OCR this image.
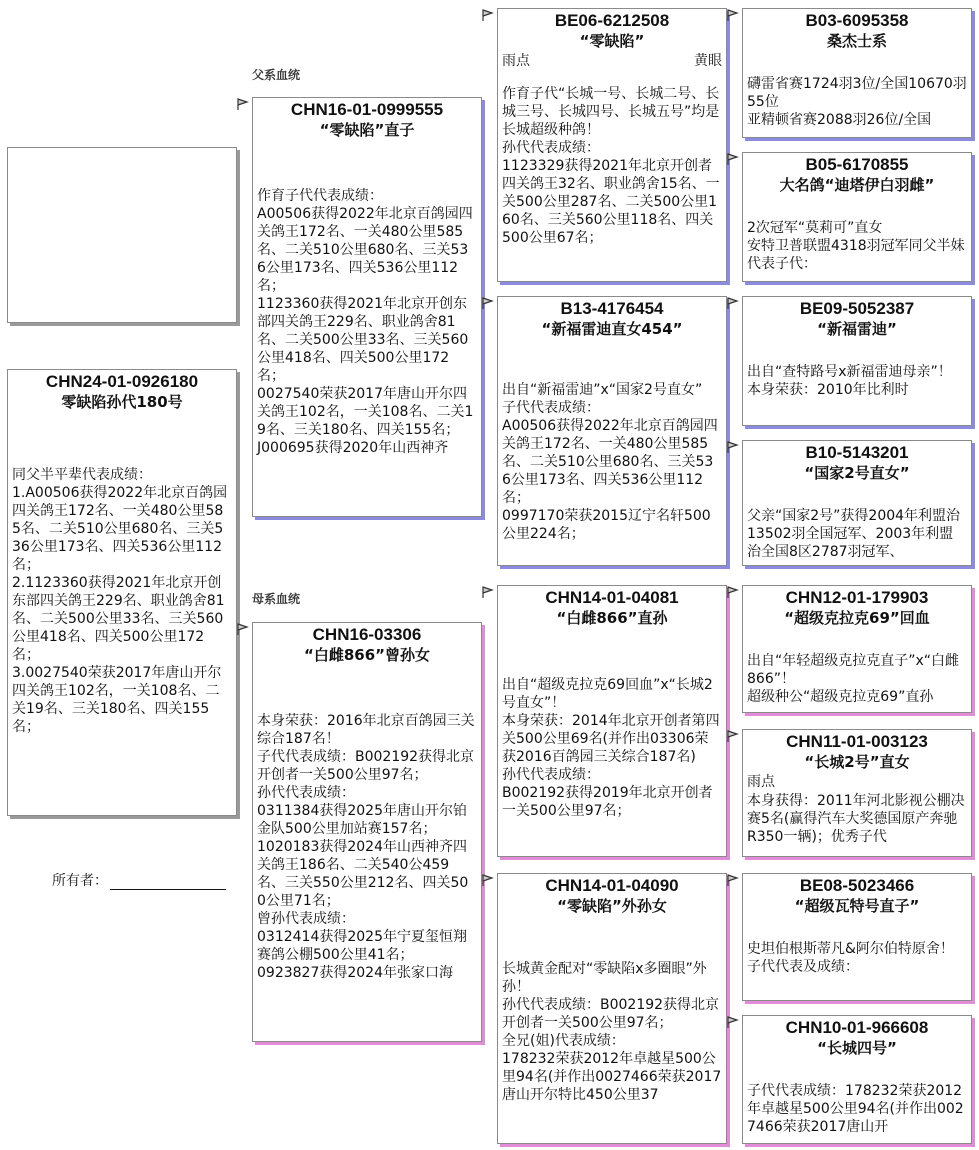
父系血统
母系血统
所有者：
CHN24-01-0926180
零缺陷孙代180号
同父半平辈代表成绩：
1.A00506获得2022年北京百鸽园四关鸽王172名、一关480公里585名、二关510公里680名、三关536公里173名、四关536公里112名；
2.1123360获得2021年北京开创东部四关鸽王229名、职业鸽舍81名、二关500公里33名、三关560公里418名、四关500公里172名；
3.0027540荣获2017年唐山开尔四关鸽王102名，一关108名、二关19名、三关180名、四关155名；
CHN16-01-0999555
“零缺陷”直子
作育子代代表成绩：
A00506获得2022年北京百鸽园四关鸽王172名、一关480公里585名、二关510公里680名、三关536公里173名、四关536公里112名；
1123360获得2021年北京开创东部四关鸽王229名、职业鸽舍81名、二关500公里33名、三关560公里418名、四关500公里172名；
0027540荣获2017年唐山开尔四关鸽王102名，一关108名、二关19名、三关180名、四关155名；
J000695获得2020年山西神齐
CHN16-03306
“白雌866”曾孙女
本身荣获：2016年北京百鸽园三关综合187名！
子代代表成绩：B002192获得北京开创者一关500公里97名；
孙代代表成绩：
0311384获得2025年唐山开尔铂金队500公里加站赛157名；
1020183获得2024年山西神齐四关鸽王186名、二关540公459名、三关550公里212名、四关500公里71名；
曾孙代表成绩：
0312414获得2025年宁夏玺恒翔赛鸽公棚500公里41名；
0923827获得2024年张家口海
BE06-6212508
“零缺陷”
雨点	黄眼
作育子代“长城一号、长城二号、长城三号、长城四号、长城五号”均是长城超级种鸽！
孙代代表成绩：
1123329获得2021年北京开创者四关鸽王32名、职业鸽舍15名、一关500公里287名、二关500公里160名、三关560公里118名、四关500公里67名；
B13-4176454
“新福雷迪直女454”
出自“新福雷迪”x“国家2号直女”
子代代表成绩：
A00506获得2022年北京百鸽园四关鸽王172名、一关480公里585名、二关510公里680名、三关536公里173名、四关536公里112名；
0997170荣获2015辽宁名轩500公里224名；
CHN14-01-04081
“白雌866”直孙
出自“超级克拉克69回血”x“长城2号直女”！
本身荣获：2014年北京开创者第四关500公里69名(并作出03306荣获2016百鸽园三关综合187名)
孙代代表成绩：
B002192获得2019年北京开创者一关500公里97名；
CHN14-01-04090
“零缺陷”外孙女
长城黄金配对“零缺陷x多圈眼”外孙！
孙代代表成绩：B002192获得北京开创者一关500公里97名；
全兄(姐)代表成绩：
178232荣获2012年卓越星500公里94名(并作出0027466荣获2017唐山开尔特比450公里37
B03-6095358
桑杰士系
礴雷省赛1724羽3位/全国10670羽55位
亚精顿省赛2088羽26位/全国
B05-6170855
大名鸽“迪塔伊白羽雌”
2次冠军“莫莉可”直女
安特卫普联盟4318羽冠军同父半妹代表子代：
BE09-5052387
“新福雷迪”
出自“查特路号x新福雷迪母亲”！
本身荣获：2010年比利时
B10-5143201
“国家2号直女”
父亲“国家2号”获得2004年利盟治13502羽全国冠军、2003年利盟治全国8区2787羽冠军、
CHN12-01-179903
“超级克拉克69”回血
出自“年轻超级克拉克直子”x“白雌866”！
超级种公“超级克拉克69”直孙
CHN11-01-003123
“长城2号”直女
雨点
本身获得：2011年河北影视公棚决赛5名(赢得汽车大奖德国原产奔驰R350一辆)；优秀子代
BE08-5023466
“超级瓦特号直子”
史坦伯根斯蒂凡&阿尔伯特原舍！
子代代表及成绩：
CHN10-01-966608
“长城四号”
子代代表成绩：178232荣获2012年卓越星500公里94名(并作出0027466荣获2017唐山开
